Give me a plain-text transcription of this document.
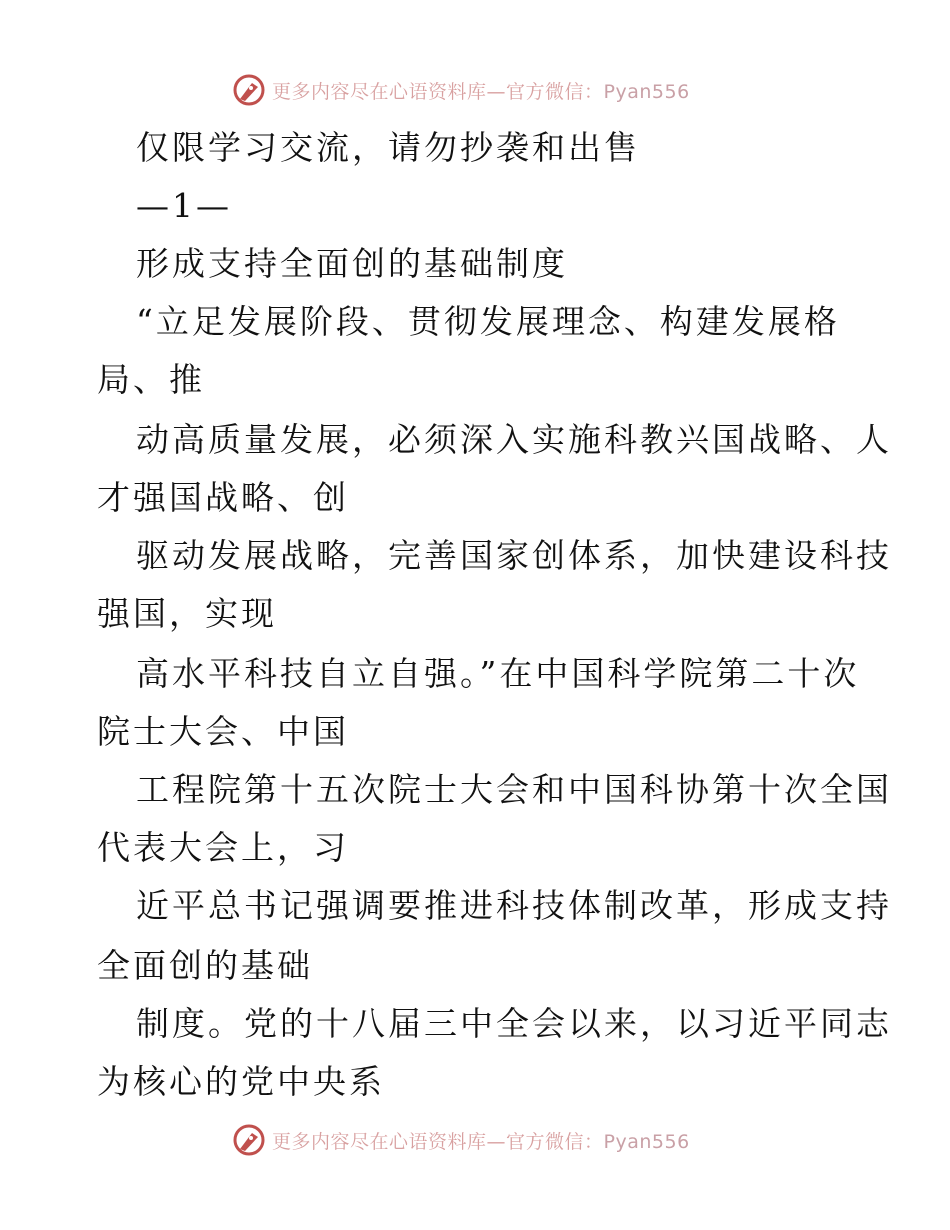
更多内容尽在心语资料库—官方微信：Pyan556
仅限学习交流，请勿抄袭和出售
—1—
形成支持全面创的基础制度
“立足发展阶段、贯彻发展理念、构建发展格
局、推
动高质量发展，必须深入实施科教兴国战略、人
才强国战略、创
驱动发展战略，完善国家创体系，加快建设科技
强国，实现
高水平科技自立自强。”在中国科学院第二十次
院士大会、中国
工程院第十五次院士大会和中国科协第十次全国
代表大会上，习
近平总书记强调要推进科技体制改革，形成支持
全面创的基础
制度。党的十八届三中全会以来，以习近平同志
为核心的党中央系
更多内容尽在心语资料库—官方微信：Pyan556
